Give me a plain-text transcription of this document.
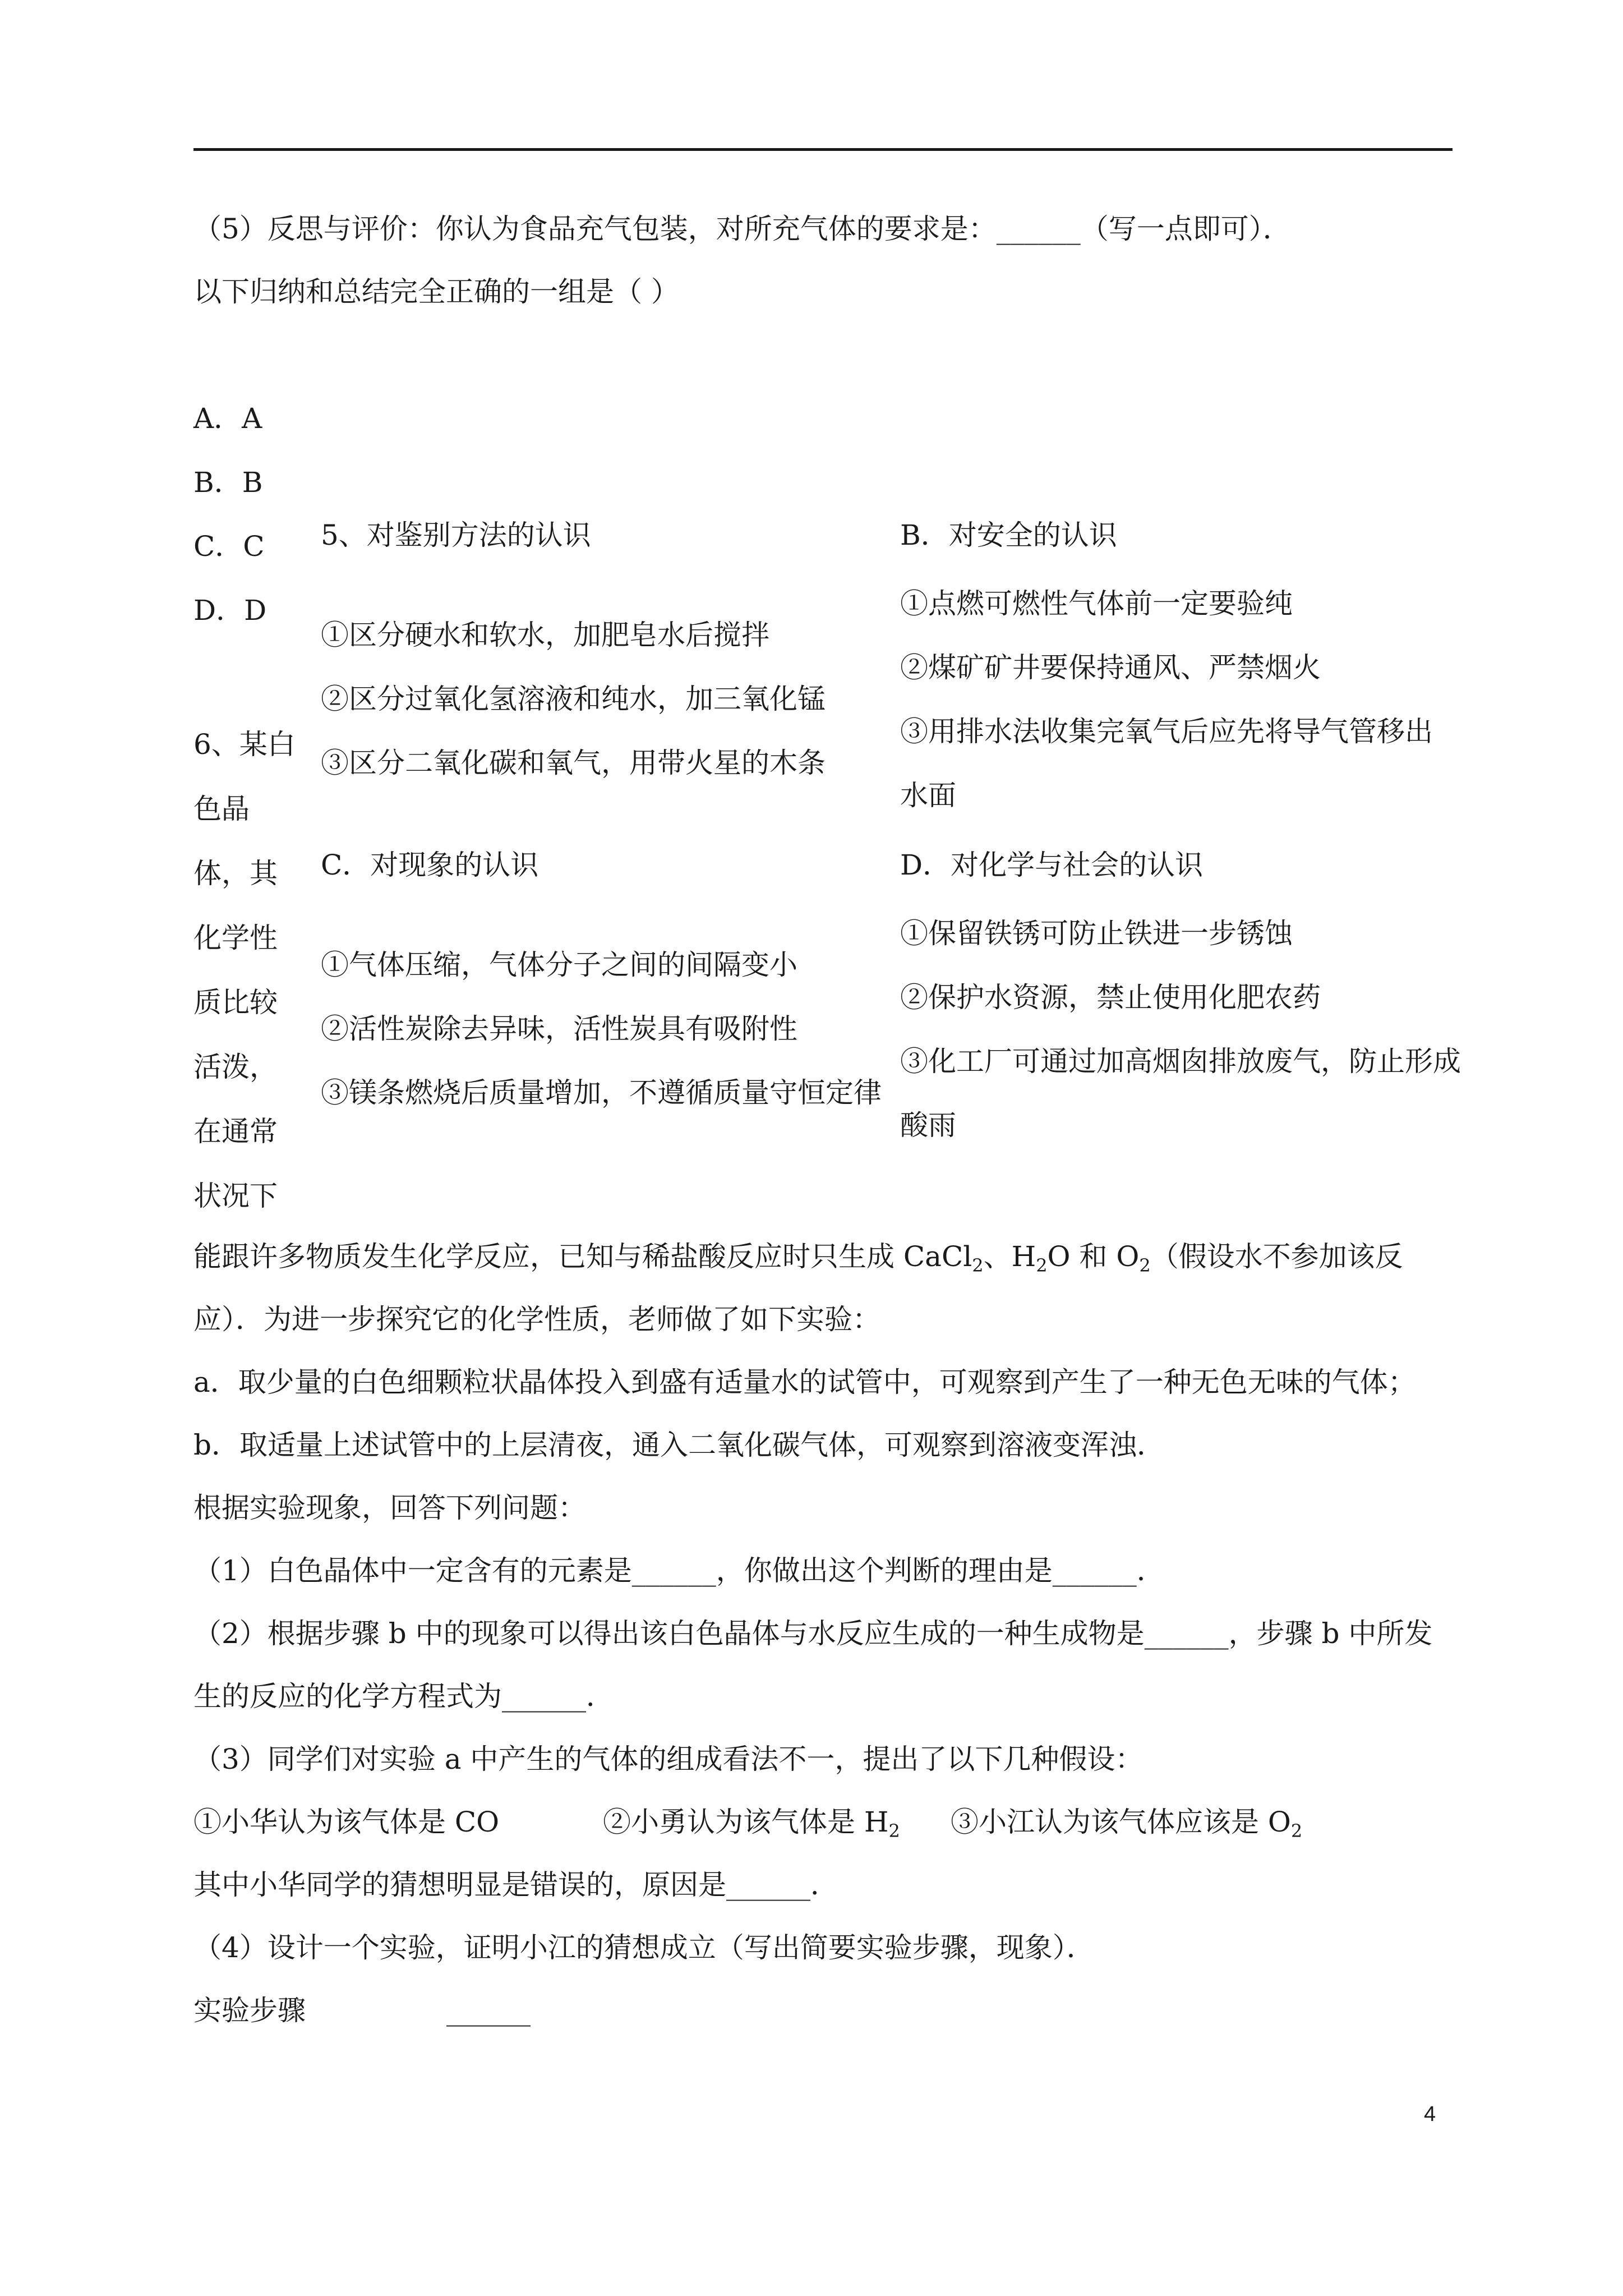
（5）反思与评价：你认为食品充气包装，对所充气体的要求是：______（写一点即可）．
以下归纳和总结完全正确的一组是（ ）
A．A
B．B
C．C
D．D
5、对鉴别方法的认识
①区分硬水和软水，加肥皂水后搅拌
②区分过氧化氢溶液和纯水，加三氧化锰
③区分二氧化碳和氧气，用带火星的木条
B．对安全的认识
①点燃可燃性气体前一定要验纯
②煤矿矿井要保持通风、严禁烟火
③用排水法收集完氧气后应先将导气管移出
水面
C．对现象的认识
①气体压缩，气体分子之间的间隔变小
②活性炭除去异味，活性炭具有吸附性
③镁条燃烧后质量增加，不遵循质量守恒定律
D．对化学与社会的认识
①保留铁锈可防止铁进一步锈蚀
②保护水资源，禁止使用化肥农药
③化工厂可通过加高烟囱排放废气，防止形成
酸雨
6、某白色晶体，其化学性质比较活泼，在通常状况下
能跟许多物质发生化学反应，已知与稀盐酸反应时只生成 CaCl$_2$、$H_2O$ 和 $O_2$（假设水不参加该反
应）．为进一步探究它的化学性质，老师做了如下实验：
a．取少量的白色细颗粒状晶体投入到盛有适量水的试管中，可观察到产生了一种无色无味的气体；
b．取适量上述试管中的上层清夜，通入二氧化碳气体，可观察到溶液变浑浊．
根据实验现象，回答下列问题：
（1）白色晶体中一定含有的元素是______，你做出这个判断的理由是______．
（2）根据步骤 b 中的现象可以得出该白色晶体与水反应生成的一种生成物是______，步骤 b 中所发
生的反应的化学方程式为______．
（3）同学们对实验 a 中产生的气体的组成看法不一，提出了以下几种假设：
①小华认为该气体是 CO	②小勇认为该气体是 $H_2$ ③小江认为该气体应该是 $O_2$
其中小华同学的猜想明显是错误的，原因是______．
（4）设计一个实验，证明小江的猜想成立（写出简要实验步骤，现象）．
实验步骤	______
4
